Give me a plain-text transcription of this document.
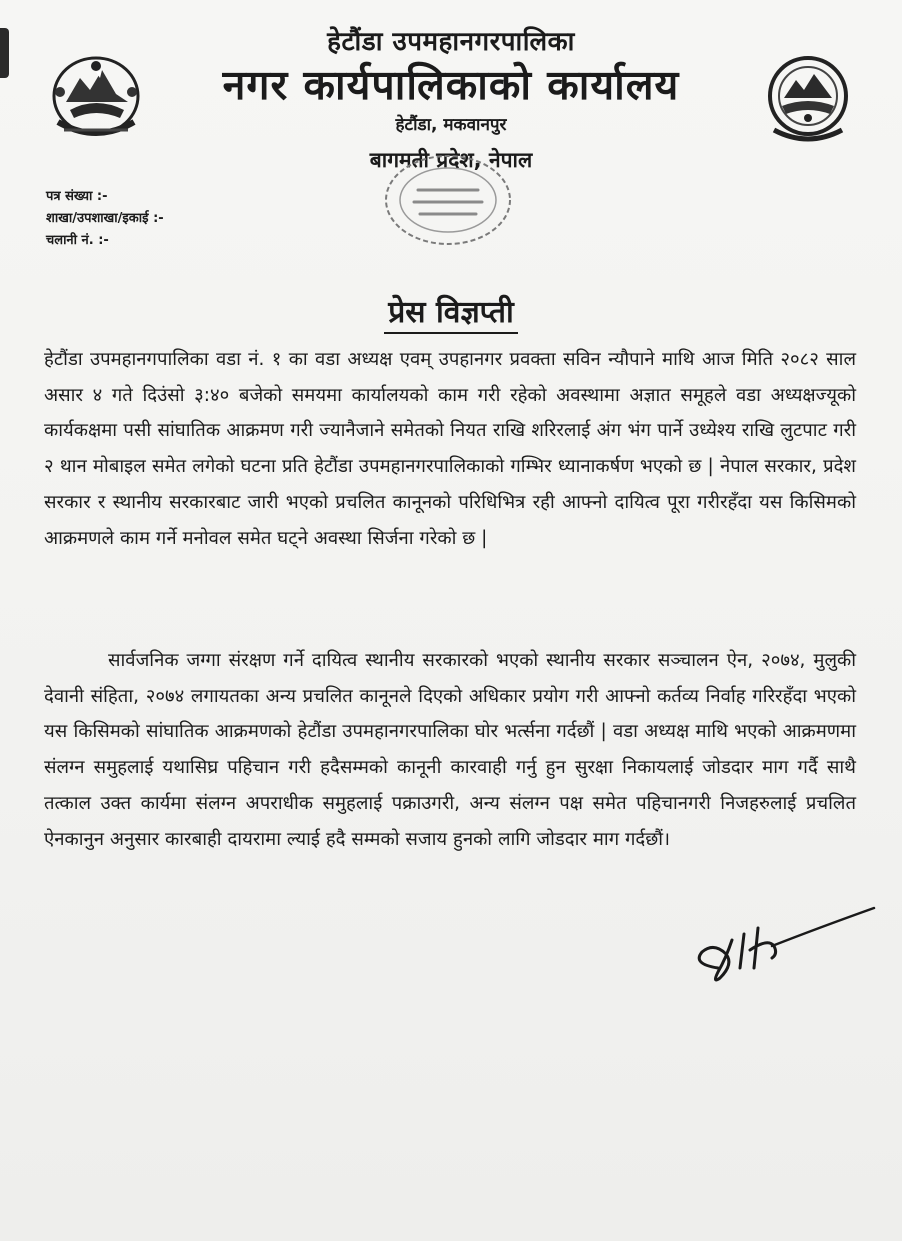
हेटौंडा उपमहानगरपालिका
नगर कार्यपालिकाको कार्यालय
हेटौंडा, मकवानपुर
बागमती प्रदेश, नेपाल
पत्र संख्या :-
शाखा/उपशाखा/इकाई :-
चलानी नं. :-
प्रेस विज्ञप्ती

हेटौंडा उपमहानगपालिका वडा नं. १ का वडा अध्यक्ष एवम् उपहानगर प्रवक्ता सविन न्यौपाने माथि आज मिति २०८२ साल असार ४ गते दिउंसो ३:४० बजेको समयमा कार्यालयको काम गरी रहेको अवस्थामा अज्ञात समूहले वडा अध्यक्षज्यूको कार्यकक्षमा पसी सांघातिक आक्रमण गरी ज्यानैजाने समेतको नियत राखि शरिरलाई अंग भंग पार्ने उध्येश्य राखि लुटपाट गरी २ थान मोबाइल समेत लगेको घटना प्रति हेटौंडा उपमहानगरपालिकाको गम्भिर ध्यानाकर्षण भएको छ | नेपाल सरकार, प्रदेश सरकार र स्थानीय सरकारबाट जारी भएको प्रचलित कानूनको परिधिभित्र रही आफ्नो दायित्व पूरा गरीरहँदा यस किसिमको आक्रमणले काम गर्ने मनोवल समेत घट्ने अवस्था सिर्जना गरेको छ |

सार्वजनिक जग्गा संरक्षण गर्ने दायित्व स्थानीय सरकारको भएको स्थानीय सरकार सञ्चालन ऐन, २०७४, मुलुकी देवानी संहिता, २०७४ लगायतका अन्य प्रचलित कानूनले दिएको अधिकार प्रयोग गरी आफ्नो कर्तव्य निर्वाह गरिरहँदा भएको यस किसिमको सांघातिक आक्रमणको हेटौंडा उपमहानगरपालिका घोर भर्त्सना गर्दछौं | वडा अध्यक्ष माथि भएको आक्रमणमा संलग्न समुहलाई यथासिघ्र पहिचान गरी हदैसम्मको कानूनी कारवाही गर्नु हुन सुरक्षा निकायलाई जोडदार माग गर्दै साथै तत्काल उक्त कार्यमा संलग्न अपराधीक समुहलाई पक्राउगरी, अन्य संलग्न पक्ष समेत पहिचानगरी निजहरुलाई प्रचलित ऐनकानुन अनुसार कारबाही दायरामा ल्याई हदै सम्मको सजाय हुनको लागि जोडदार माग गर्दछौं।
